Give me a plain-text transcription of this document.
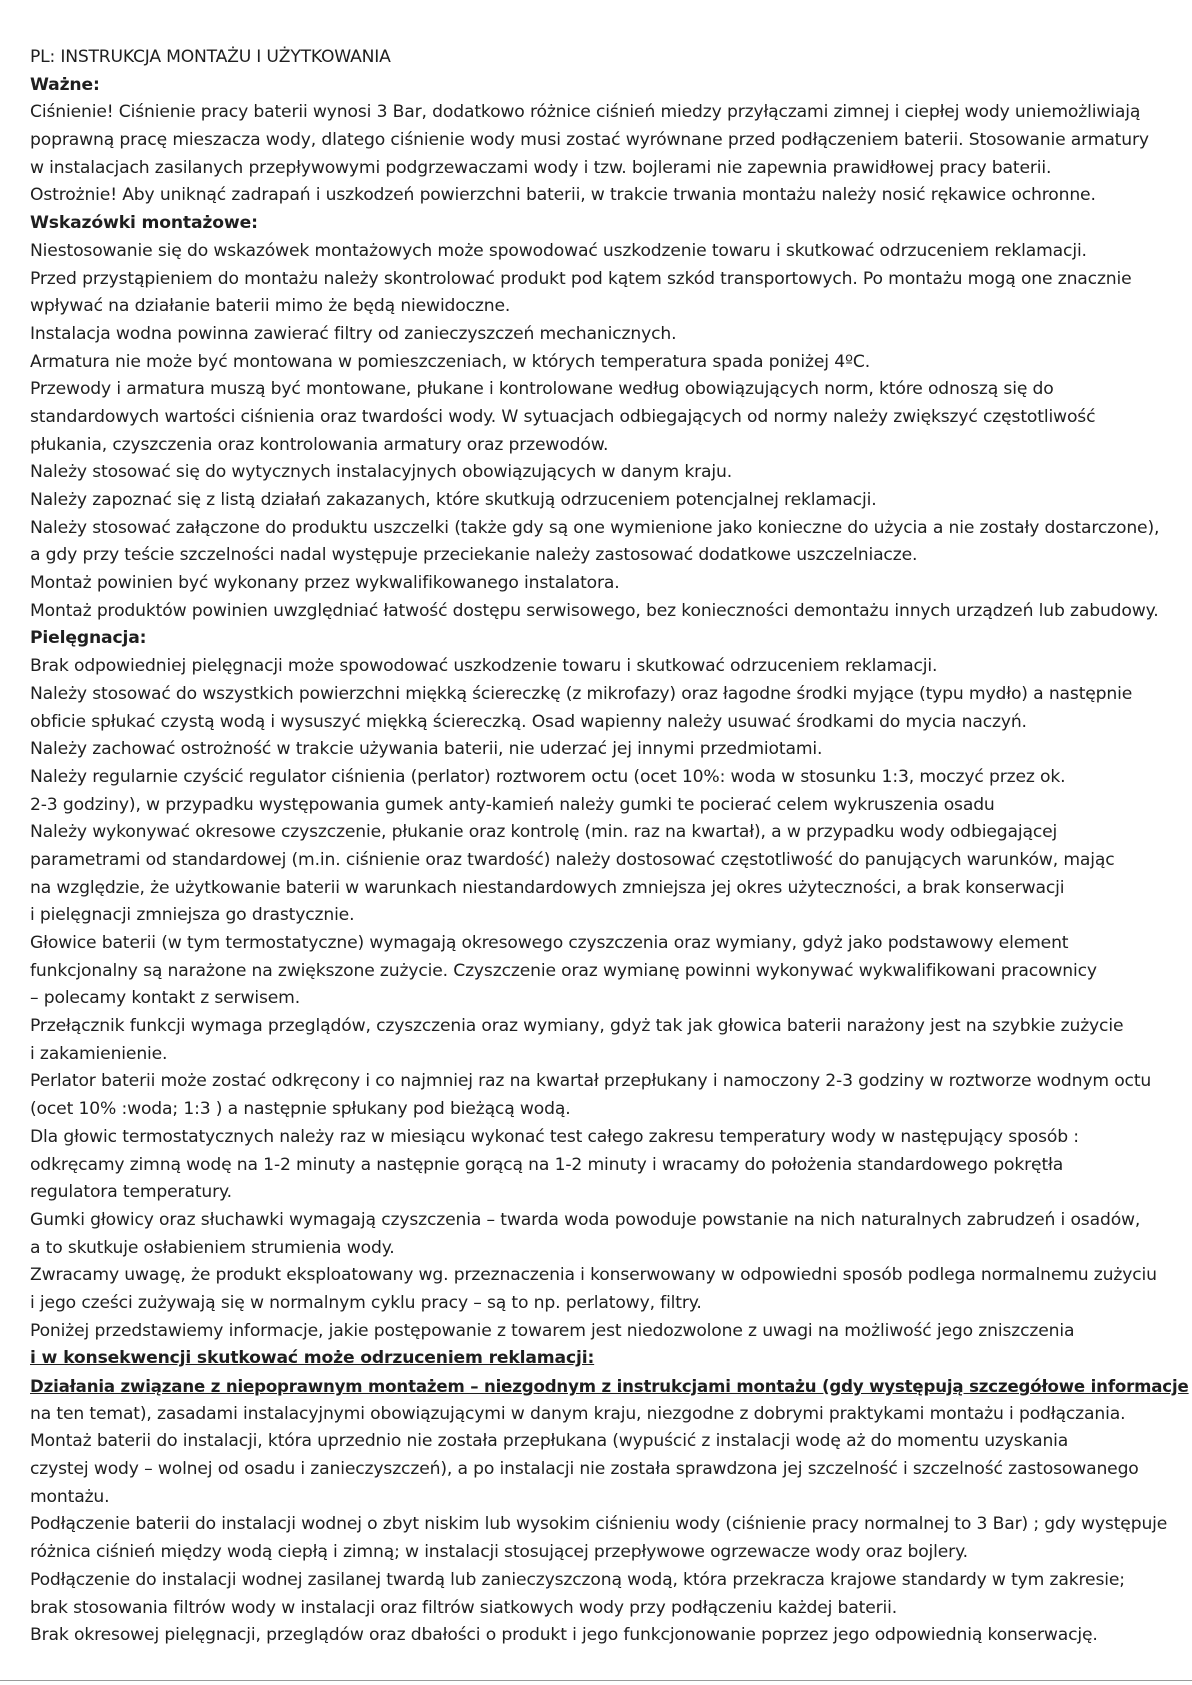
PL: INSTRUKCJA MONTAŻU I UŻYTKOWANIA
Ważne:
Ciśnienie! Ciśnienie pracy baterii wynosi 3 Bar, dodatkowo różnice ciśnień miedzy przyłączami zimnej i ciepłej wody uniemożliwiają
poprawną pracę mieszacza wody, dlatego ciśnienie wody musi zostać wyrównane przed podłączeniem baterii. Stosowanie armatury
w instalacjach zasilanych przepływowymi podgrzewaczami wody i tzw. bojlerami nie zapewnia prawidłowej pracy baterii.
Ostrożnie! Aby uniknąć zadrapań i uszkodzeń powierzchni baterii, w trakcie trwania montażu należy nosić rękawice ochronne.
Wskazówki montażowe:
Niestosowanie się do wskazówek montażowych może spowodować uszkodzenie towaru i skutkować odrzuceniem reklamacji.
Przed przystąpieniem do montażu należy skontrolować produkt pod kątem szkód transportowych. Po montażu mogą one znacznie
wpływać na działanie baterii mimo że będą niewidoczne.
Instalacja wodna powinna zawierać filtry od zanieczyszczeń mechanicznych.
Armatura nie może być montowana w pomieszczeniach, w których temperatura spada poniżej 4ºC.
Przewody i armatura muszą być montowane, płukane i kontrolowane według obowiązujących norm, które odnoszą się do
standardowych wartości ciśnienia oraz twardości wody. W sytuacjach odbiegających od normy należy zwiększyć częstotliwość
płukania, czyszczenia oraz kontrolowania armatury oraz przewodów.
Należy stosować się do wytycznych instalacyjnych obowiązujących w danym kraju.
Należy zapoznać się z listą działań zakazanych, które skutkują odrzuceniem potencjalnej reklamacji.
Należy stosować załączone do produktu uszczelki (także gdy są one wymienione jako konieczne do użycia a nie zostały dostarczone),
a gdy przy teście szczelności nadal występuje przeciekanie należy zastosować dodatkowe uszczelniacze.
Montaż powinien być wykonany przez wykwalifikowanego instalatora.
Montaż produktów powinien uwzględniać łatwość dostępu serwisowego, bez konieczności demontażu innych urządzeń lub zabudowy.
Pielęgnacja:
Brak odpowiedniej pielęgnacji może spowodować uszkodzenie towaru i skutkować odrzuceniem reklamacji.
Należy stosować do wszystkich powierzchni miękką ściereczkę (z mikrofazy) oraz łagodne środki myjące (typu mydło) a następnie
obficie spłukać czystą wodą i wysuszyć miękką ściereczką. Osad wapienny należy usuwać środkami do mycia naczyń.
Należy zachować ostrożność w trakcie używania baterii, nie uderzać jej innymi przedmiotami.
Należy regularnie czyścić regulator ciśnienia (perlator) roztworem octu (ocet 10%: woda w stosunku 1:3, moczyć przez ok.
2-3 godziny), w przypadku występowania gumek anty-kamień należy gumki te pocierać celem wykruszenia osadu
Należy wykonywać okresowe czyszczenie, płukanie oraz kontrolę (min. raz na kwartał), a w przypadku wody odbiegającej
parametrami od standardowej (m.in. ciśnienie oraz twardość) należy dostosować częstotliwość do panujących warunków, mając
na względzie, że użytkowanie baterii w warunkach niestandardowych zmniejsza jej okres użyteczności, a brak konserwacji
i pielęgnacji zmniejsza go drastycznie.
Głowice baterii (w tym termostatyczne) wymagają okresowego czyszczenia oraz wymiany, gdyż jako podstawowy element
funkcjonalny są narażone na zwiększone zużycie. Czyszczenie oraz wymianę powinni wykonywać wykwalifikowani pracownicy
– polecamy kontakt z serwisem.
Przełącznik funkcji wymaga przeglądów, czyszczenia oraz wymiany, gdyż tak jak głowica baterii narażony jest na szybkie zużycie
i zakamienienie.
Perlator baterii może zostać odkręcony i co najmniej raz na kwartał przepłukany i namoczony 2-3 godziny w roztworze wodnym octu
(ocet 10% :woda; 1:3 ) a następnie spłukany pod bieżącą wodą.
Dla głowic termostatycznych należy raz w miesiącu wykonać test całego zakresu temperatury wody w następujący sposób :
odkręcamy zimną wodę na 1-2 minuty a następnie gorącą na 1-2 minuty i wracamy do położenia standardowego pokrętła
regulatora temperatury.
Gumki głowicy oraz słuchawki wymagają czyszczenia – twarda woda powoduje powstanie na nich naturalnych zabrudzeń i osadów,
a to skutkuje osłabieniem strumienia wody.
Zwracamy uwagę, że produkt eksploatowany wg. przeznaczenia i konserwowany w odpowiedni sposób podlega normalnemu zużyciu
i jego cześci zużywają się w normalnym cyklu pracy – są to np. perlatowy, filtry.
Poniżej przedstawiemy informacje, jakie postępowanie z towarem jest niedozwolone z uwagi na możliwość jego zniszczenia
i w konsekwencji skutkować może odrzuceniem reklamacji:
Działania związane z niepoprawnym montażem – niezgodnym z instrukcjami montażu (gdy występują szczegółowe informacje
na ten temat), zasadami instalacyjnymi obowiązującymi w danym kraju, niezgodne z dobrymi praktykami montażu i podłączania.
Montaż baterii do instalacji, która uprzednio nie została przepłukana (wypuścić z instalacji wodę aż do momentu uzyskania
czystej wody – wolnej od osadu i zanieczyszczeń), a po instalacji nie została sprawdzona jej szczelność i szczelność zastosowanego
montażu.
Podłączenie baterii do instalacji wodnej o zbyt niskim lub wysokim ciśnieniu wody (ciśnienie pracy normalnej to 3 Bar) ; gdy występuje
różnica ciśnień między wodą ciepłą i zimną; w instalacji stosującej przepływowe ogrzewacze wody oraz bojlery.
Podłączenie do instalacji wodnej zasilanej twardą lub zanieczyszczoną wodą, która przekracza krajowe standardy w tym zakresie;
brak stosowania filtrów wody w instalacji oraz filtrów siatkowych wody przy podłączeniu każdej baterii.
Brak okresowej pielęgnacji, przeglądów oraz dbałości o produkt i jego funkcjonowanie poprzez jego odpowiednią konserwację.
